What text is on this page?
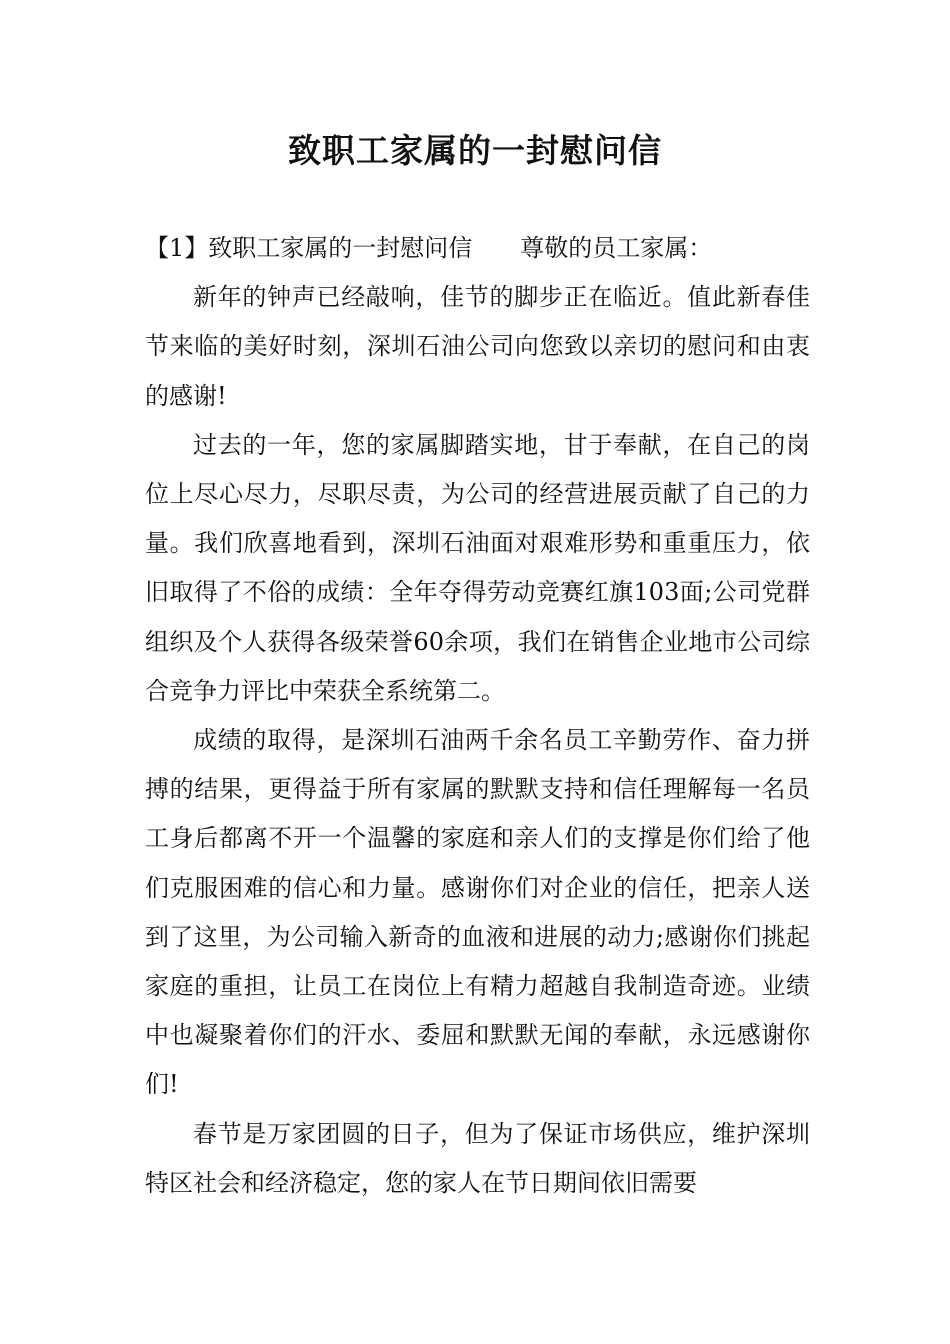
致职工家属的一封慰问信

【1】致职工家属的一封慰问信 尊敬的员工家属：

新年的钟声已经敲响，佳节的脚步正在临近。值此新春佳节来临的美好时刻，深圳石油公司向您致以亲切的慰问和由衷的感谢!

过去的一年，您的家属脚踏实地，甘于奉献，在自己的岗位上尽心尽力，尽职尽责，为公司的经营进展贡献了自己的力量。我们欣喜地看到，深圳石油面对艰难形势和重重压力，依旧取得了不俗的成绩：全年夺得劳动竞赛红旗103面;公司党群组织及个人获得各级荣誉60余项，我们在销售企业地市公司综合竞争力评比中荣获全系统第二。

成绩的取得，是深圳石油两千余名员工辛勤劳作、奋力拼搏的结果，更得益于所有家属的默默支持和信任理解每一名员工身后都离不开一个温馨的家庭和亲人们的支撑是你们给了他们克服困难的信心和力量。感谢你们对企业的信任，把亲人送到了这里，为公司输入新奇的血液和进展的动力;感谢你们挑起家庭的重担，让员工在岗位上有精力超越自我制造奇迹。业绩中也凝聚着你们的汗水、委屈和默默无闻的奉献，永远感谢你们!

春节是万家团圆的日子，但为了保证市场供应，维护深圳特区社会和经济稳定，您的家人在节日期间依旧需要
